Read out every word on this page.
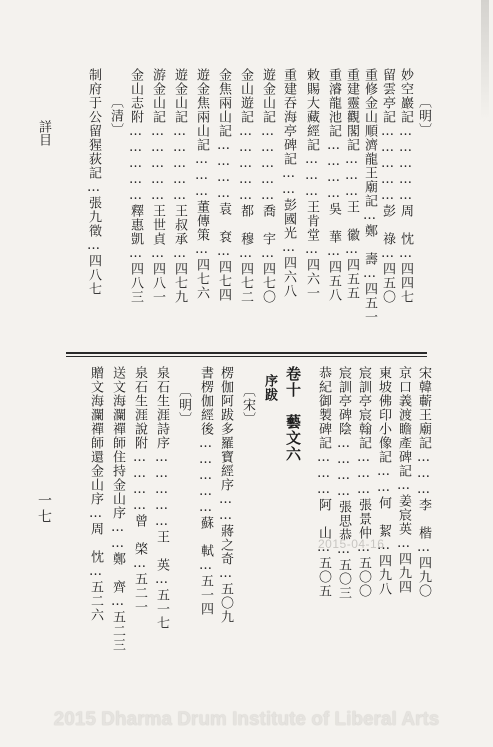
詳目	〔明〕
妙空巖記……………周　忱…四四七
留雲亭記……………彭　祿…四五〇
重修金山順濟龍王廟記…鄭　壽…四五一
重建靈觀閣記………王　徽…四五五
重濬龍池記…………吳　華…四五八
敕賜大藏經記………王肯堂…四六一
重建吞海亭碑記……彭國光…四六八
遊金山記……………喬　宇…四七〇
金山遊記……………都　穆…四七二
金焦兩山記…………袁　袞…四七四
遊金焦兩山記………董傳策…四七六
遊金山記……………王叔承…四七九
游金山記……………王世貞…四八一
金山志附……………釋惠凱…四八三
〔清〕
制府于公留猩荻記…張九徵…四八七
宋韓蘄王廟記………李　楷…四九〇
京口義渡瞻產碑記…姜宸英…四九四
東坡佛印小像記……何　絜…四九八
宸訓亭宸翰記………張景仲…五〇〇
宸訓亭碑陰…………張思恭…五〇三
恭紀御製碑記………阿　山…五〇五
卷十　藝文六
序跋
〔宋〕
楞伽阿跋多羅寶經序……蔣之奇…五〇九
書楞伽經後……………蘇　軾…五一四
〔明〕
泉石生涯詩序……………王　英…五一七
泉石生涯說附…………曾　棨…五二一
送文海瀾禪師住持金山序……鄭　齊…五二三
贈文海瀾禪師還金山序…周　忱…五二六
一七
2015-04-16
2015 Dharma Drum Institute of Liberal Arts
